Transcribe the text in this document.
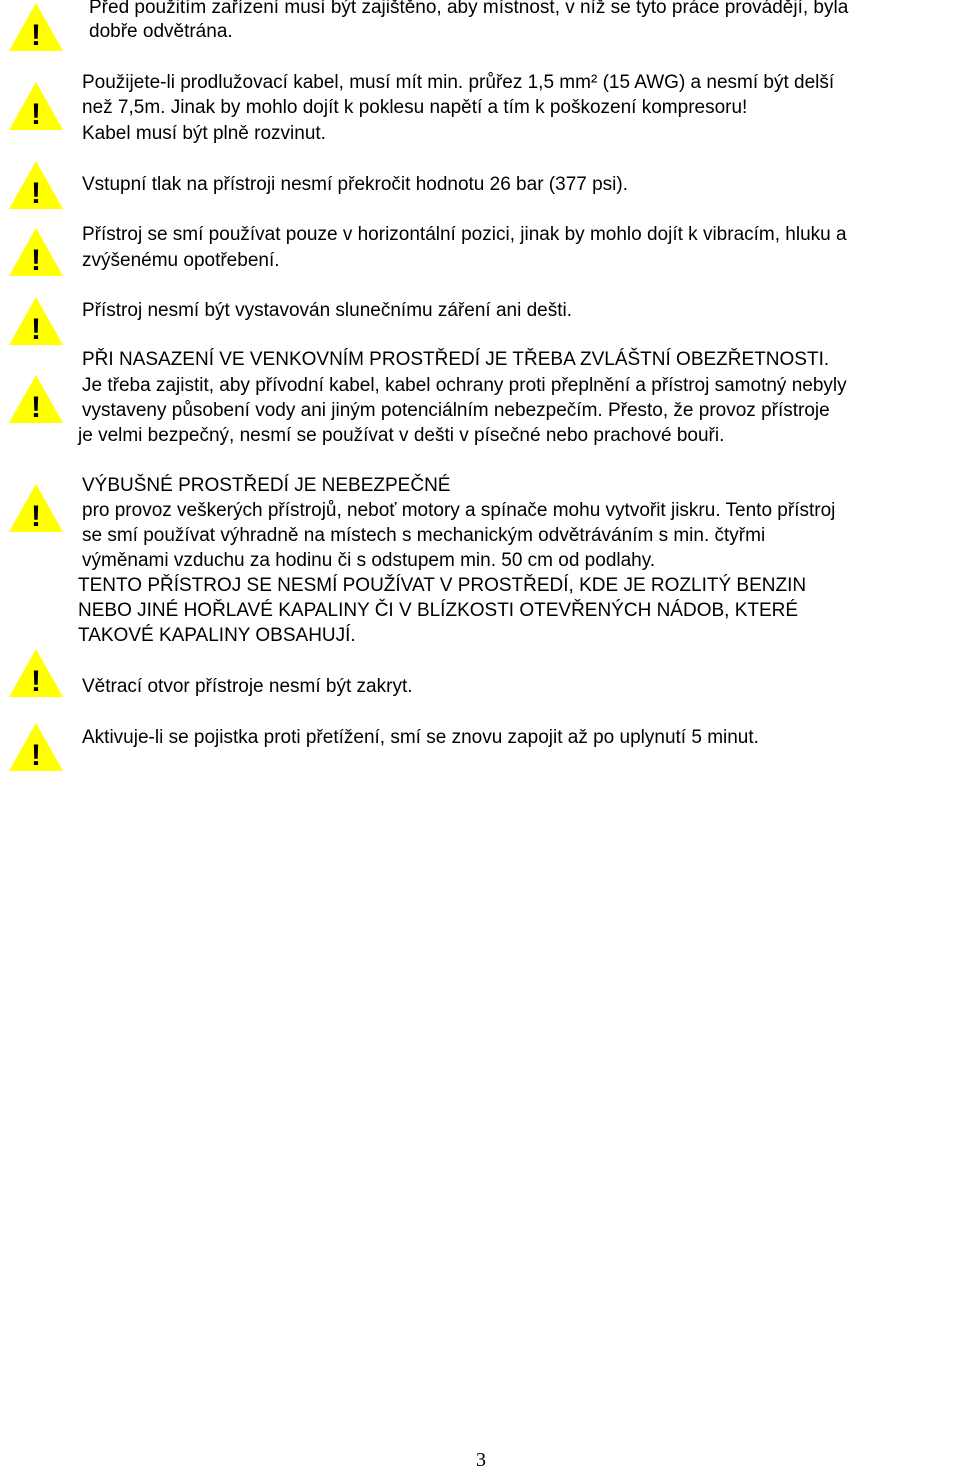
!
!
!
!
!
!
!
!
!
Před použitím zařízení musí být zajištěno, aby místnost, v níž se tyto práce provádějí, byla
dobře odvětrána.
Použijete-li prodlužovací kabel, musí mít min. průřez 1,5 mm² (15 AWG) a nesmí být delší
než 7,5m. Jinak by mohlo dojít k poklesu napětí a tím k poškození kompresoru!
Kabel musí být plně rozvinut.
Vstupní tlak na přístroji nesmí překročit hodnotu 26 bar (377 psi).
Přístroj se smí používat pouze v horizontální pozici, jinak by mohlo dojít k vibracím, hluku a
zvýšenému opotřebení.
Přístroj nesmí být vystavován slunečnímu záření ani dešti.
PŘI NASAZENÍ VE VENKOVNÍM PROSTŘEDÍ JE TŘEBA ZVLÁŠTNÍ OBEZŘETNOSTI.
Je třeba zajistit, aby přívodní kabel, kabel ochrany proti přeplnění a přístroj samotný nebyly
vystaveny působení vody ani jiným potenciálním nebezpečím. Přesto, že provoz přístroje
je velmi bezpečný, nesmí se používat v dešti v písečné nebo prachové bouři.
VÝBUŠNÉ PROSTŘEDÍ JE NEBEZPEČNÉ
pro provoz veškerých přístrojů, neboť motory a spínače mohu vytvořit jiskru. Tento přístroj
se smí používat výhradně na místech s mechanickým odvětráváním s min. čtyřmi
výměnami vzduchu za hodinu či s odstupem min. 50 cm od podlahy.
TENTO PŘÍSTROJ SE NESMÍ POUŽÍVAT V PROSTŘEDÍ, KDE JE ROZLITÝ BENZIN
NEBO JINÉ HOŘLAVÉ KAPALINY ČI V BLÍZKOSTI OTEVŘENÝCH NÁDOB, KTERÉ
TAKOVÉ KAPALINY OBSAHUJÍ.
Větrací otvor přístroje nesmí být zakryt.
Aktivuje-li se pojistka proti přetížení, smí se znovu zapojit až po uplynutí 5 minut.
3
